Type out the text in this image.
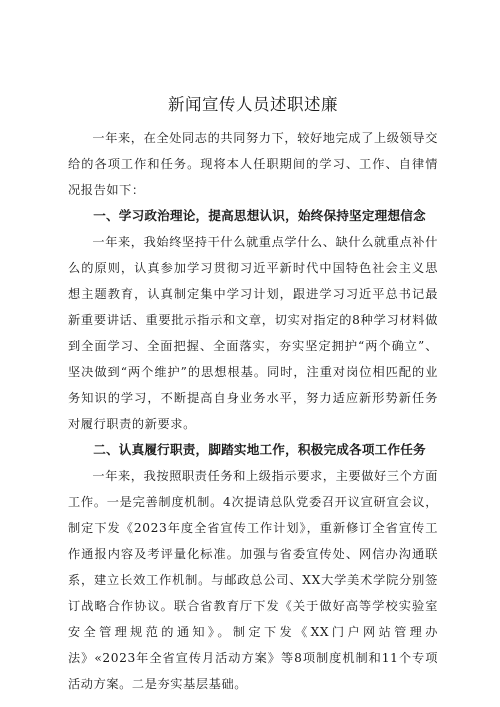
新闻宣传人员述职述廉

一年来，在全处同志的共同努力下，较好地完成了上级领导交给的各项工作和任务。现将本人任职期间的学习、工作、自律情况报告如下：

一、学习政治理论，提高思想认识，始终保持坚定理想信念

一年来，我始终坚持干什么就重点学什么、缺什么就重点补什么的原则，认真参加学习贯彻习近平新时代中国特色社会主义思想主题教育，认真制定集中学习计划，跟进学习习近平总书记最新重要讲话、重要批示指示和文章，切实对指定的8种学习材料做到全面学习、全面把握、全面落实，夯实坚定拥护“两个确立”、坚决做到“两个维护”的思想根基。同时，注重对岗位相匹配的业务知识的学习，不断提高自身业务水平，努力适应新形势新任务对履行职责的新要求。

二、认真履行职责，脚踏实地工作，积极完成各项工作任务

一年来，我按照职责任务和上级指示要求，主要做好三个方面工作。一是完善制度机制。4次提请总队党委召开议宣研宣会议，制定下发《2023年度全省宣传工作计划》，重新修订全省宣传工作通报内容及考评量化标准。加强与省委宣传处、网信办沟通联系，建立长效工作机制。与邮政总公司、XX大学美术学院分别签订战略合作协议。联合省教育厅下发《关于做好高等学校实验室安全管理规范的通知》。制定下发《XX门户网站管理办法》«2023年全省宣传月活动方案》等8项制度机制和11个专项活动方案。二是夯实基层基础。
